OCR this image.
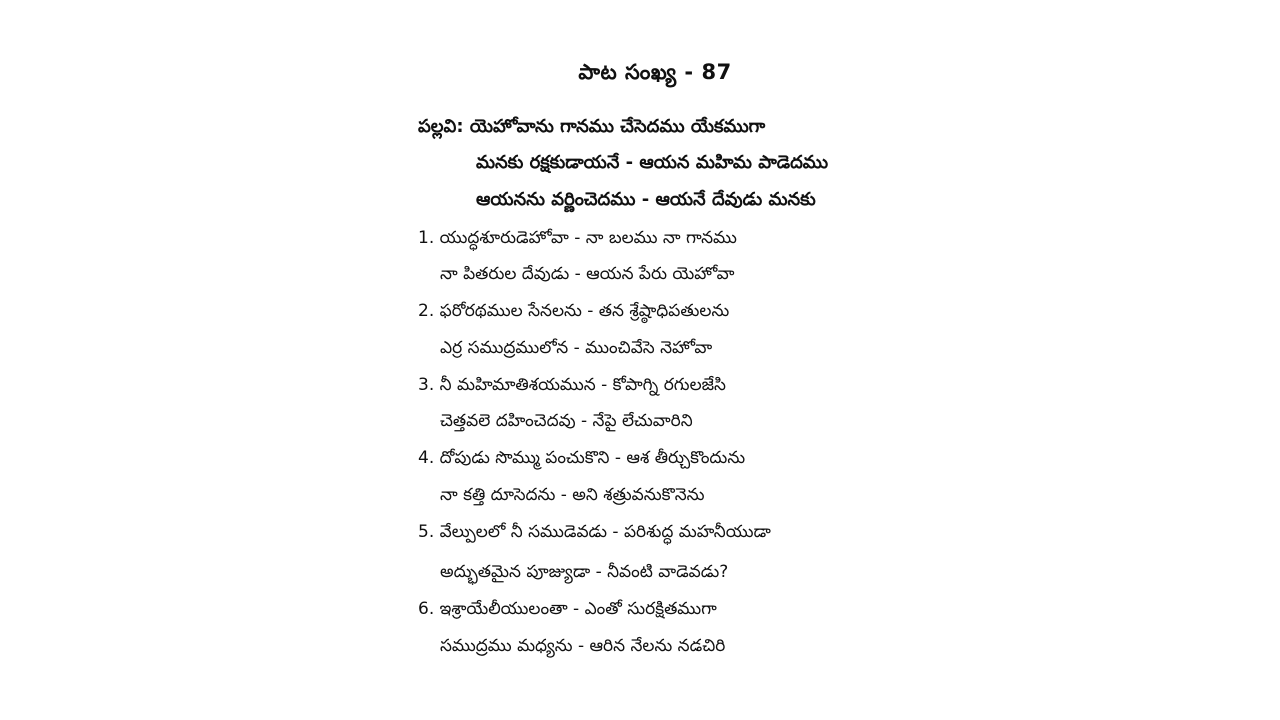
పాట సంఖ్య - 87
పల్లవి: యెహోవాను గానము చేసెదము యేకముగా
మనకు రక్షకుడాయనే - ఆయన మహిమ పాడెదము
ఆయనను వర్ణించెదము - ఆయనే దేవుడు మనకు
1. యుద్ధశూరుడెహోవా - నా బలము నా గానము
నా పితరుల దేవుడు - ఆయన పేరు యెహోవా
2. ఫరోరథముల సేనలను - తన శ్రేష్ఠాధిపతులను
ఎర్ర సముద్రములోన - ముంచివేసె నెహోవా
3. నీ మహిమాతిశయమున - కోపాగ్ని రగులజేసి
చెత్తవలె దహించెదవు - నేపై లేచువారిని
4. దోపుడు సొమ్ము పంచుకొని - ఆశ తీర్చుకొందును
నా కత్తి దూసెదను - అని శత్రువనుకొనెను
5. వేల్పులలో నీ సముడెవడు - పరిశుద్ధ మహనీయుడా
అద్భుతమైన పూజ్యుడా - నీవంటి వాడెవడు?
6. ఇశ్రాయేలీయులంతా - ఎంతో సురక్షితముగా
సముద్రము మధ్యను - ఆరిన నేలను నడచిరి
